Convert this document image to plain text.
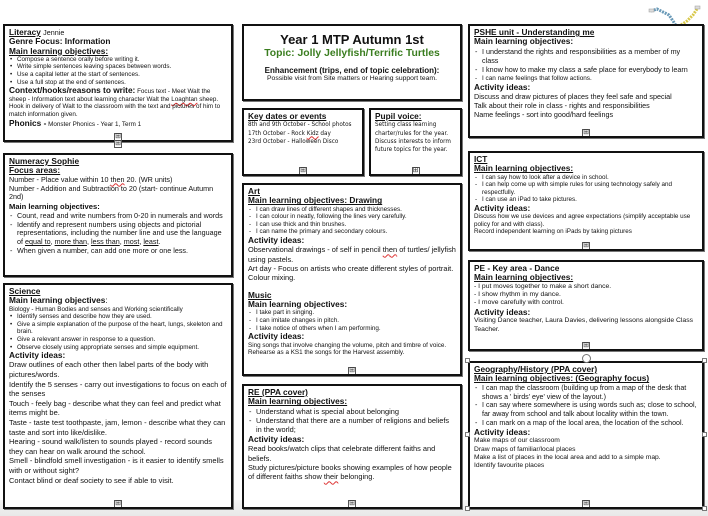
Literacy Jennie
Genre Focus: Information
Main learning objectives:
• Compose a sentence orally before writing it.
• Write simple sentences leaving spaces between words.
• Use a capital letter at the start of sentences.
• Use a full stop at the end of sentences.
Context/hooks/reasons to write: Focus text - Meet Walt the sheep - Information text about learning character Walt the Loaghtan sheep. Hook in delivery of Walt to the classroom with the text and pictures of him to match information given.
Phonics - Monster Phonics - Year 1, Term 1
⊞
Numeracy Sophie
Focus areas:
Number - Place value within 10 then 20. (WR units)
Number - Addition and Subtraction to 20 (start- continue Autumn 2nd)
Main learning objectives:
- Count, read and write numbers from 0-20 in numerals and words
- Identify and represent numbers using objects and pictorial representations, including the number line and use the language of equal to, more than, less than, most, least.
- When given a number, can add one more or one less.
Science
Main learning objectives:
Biology - Human Bodies and senses and Working scientifically
• Identify senses and describe how they are used.
• Give a simple explanation of the purpose of the heart, lungs, skeleton and brain.
• Give a relevant answer in response to a question.
• Observe closely using appropriate senses and simple equipment.
Activity ideas:
Draw outlines of each other then label parts of the body with pictures/words.
Identify the 5 senses - carry out investigations to focus on each of the senses
Touch - feely bag - describe what they can feel and predict what items might be.
Taste - taste test toothpaste, jam, lemon - describe what they can taste and sort into like/dislike.
Hearing - sound walk/listen to sounds played - record sounds they can hear on walk around the school.
Smell - blindfold smell investigation - is it easier to identify smells with or without sight?
Contact blind or deaf society to see if able to visit.
⊞
Year 1 MTP Autumn 1st
Topic: Jolly Jellyfish/Terrific Turtles
Enhancement (trips, end of topic celebration):
Possible visit from Site matters or Hearing support team.
Key dates or events
8th and 9th October - School photos
17th October - Rock Kidz day
23rd October - Halloween Disco
⊞
Pupil voice:
Setting class learning charter/rules for the year.
Discuss interests to inform future topics for the year.
⊞
Art
Main learning objectives: Drawing
- I can draw lines of different shapes and thicknesses.
- I can colour in neatly, following the lines very carefully.
- I can use thick and thin brushes.
- I can name the primary and secondary colours.
Activity ideas:
Observational drawings - of self in pencil then of turtles/ jellyfish using pastels.
Art day - Focus on artists who create different styles of portrait. Colour mixing.
Music
Main learning objectives:
- I take part in singing.
- I can imitate changes in pitch.
- I take notice of others when I am performing.
Activity ideas:
Sing songs that involve changing the volume, pitch and timbre of voice. Rehearse as a KS1 the songs for the Harvest assembly.
⊞
RE (PPA cover)
Main learning objectives:
- Understand what is special about belonging
- Understand that there are a number of religions and beliefs in the world;
Activity ideas:
Read books/watch clips that celebrate different faiths and beliefs.
Study pictures/picture books showing examples of how people of different faiths show their belonging.
⊞
PSHE unit - Understanding me
Main learning objectives:
- I understand the rights and responsibilities as a member of my class
- I know how to make my class a safe place for everybody to learn
- I can name feelings that follow actions.
Activity ideas:
Discuss and draw pictures of places they feel safe and special
Talk about their role in class - rights and responsibilities
Name feelings - sort into good/hard feelings
⊞
ICT
Main learning objectives:
- I can say how to look after a device in school.
- I can help come up with simple rules for using technology safely and respectfully.
- I can use an iPad to take pictures.
Activity ideas:
Discuss how we use devices and agree expectations (simplify acceptable use policy for and with class).
Record independent learning on iPads by taking pictures
⊞
PE - Key area - Dance
Main learning objectives:
- I put moves together to make a short dance.
- I show rhythm in my dance.
- I move carefully with control.
Activity ideas:
Visiting Dance teacher, Laura Davies, delivering lessons alongside Class Teacher.
⊞
Geography/History (PPA cover)
Main learning objectives: (Geography focus)
- I can map the classroom (building up from a map of the desk that shows a ' birds' eye' view of the layout.)
- I can say where somewhere is using words such as; close to school, far away from school and talk about locality within the town.
- I can mark on a map of the local area, the location of the school.
Activity ideas:
Make maps of our classroom
Draw maps of familiar/local places
Make a list of places in the local area and add to a simple map.
Identify favourite places
⊞
⊞
